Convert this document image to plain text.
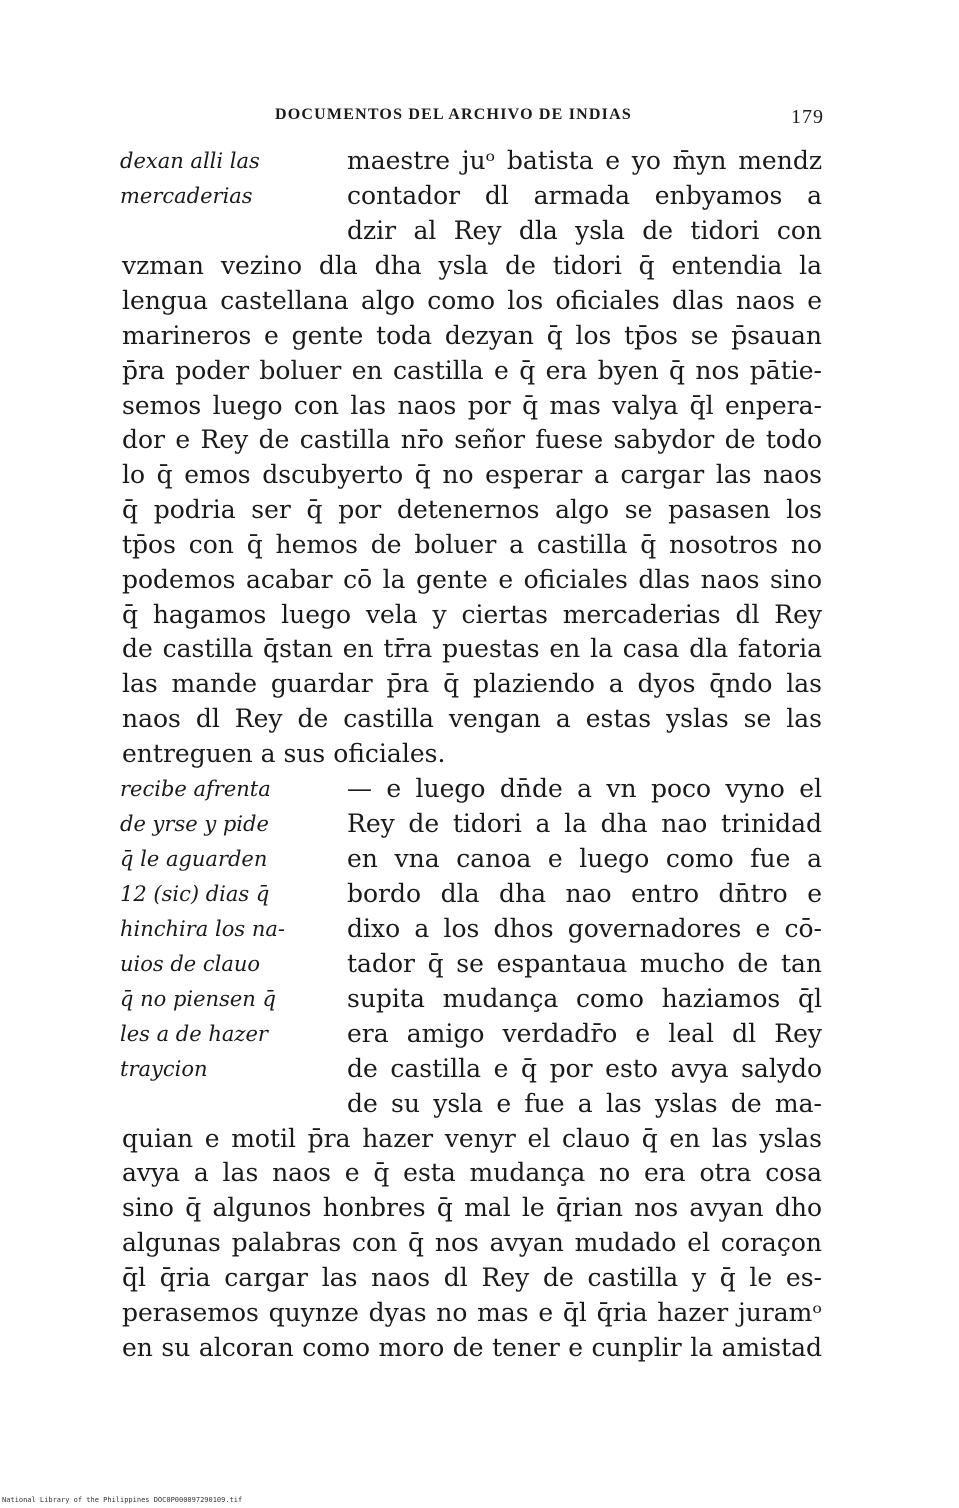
DOCUMENTOS DEL ARCHIVO DE INDIAS	179
dexan alli las
mercaderias
recibe afrenta
de yrse y pide
q̄ le aguarden
12 (sic) dias q̄
hinchira los na-
uios de clauo
q̄ no piensen q̄
les a de hazer
traycion
maestre juᵒ batista e yo m̄yn mendz
contador dl armada enbyamos a
dzir al Rey dla ysla de tidori con
vzman vezino dla dha ysla de tidori q̄ entendia la
lengua castellana algo como los oficiales dlas naos e
marineros e gente toda dezyan q̄ los tp̄os se p̄sauan
p̄ra poder boluer en castilla e q̄ era byen q̄ nos pātie-
semos luego con las naos por q̄ mas valya q̄l enpera-
dor e Rey de castilla nr̄o señor fuese sabydor de todo
lo q̄ emos dscubyerto q̄ no esperar a cargar las naos
q̄ podria ser q̄ por detenernos algo se pasasen los
tp̄os con q̄ hemos de boluer a castilla q̄ nosotros no
podemos acabar cō la gente e oficiales dlas naos sino
q̄ hagamos luego vela y ciertas mercaderias dl Rey
de castilla q̄stan en tr̄ra puestas en la casa dla fatoria
las mande guardar p̄ra q̄ plaziendo a dyos q̄ndo las
naos dl Rey de castilla vengan a estas yslas se las
entreguen a sus oficiales.
— e luego dn̄de a vn poco vyno el
Rey de tidori a la dha nao trinidad
en vna canoa e luego como fue a
bordo dla dha nao entro dn̄tro e
dixo a los dhos governadores e cō-
tador q̄ se espantaua mucho de tan
supita mudança como haziamos q̄l
era amigo verdadr̄o e leal dl Rey
de castilla e q̄ por esto avya salydo
de su ysla e fue a las yslas de ma-
quian e motil p̄ra hazer venyr el clauo q̄ en las yslas
avya a las naos e q̄ esta mudança no era otra cosa
sino q̄ algunos honbres q̄ mal le q̄rian nos avyan dho
algunas palabras con q̄ nos avyan mudado el coraçon
q̄l q̄ria cargar las naos dl Rey de castilla y q̄ le es-
perasemos quynze dyas no mas e q̄l q̄ria hazer juramᵒ
en su alcoran como moro de tener e cunplir la amistad
National Library of the Philippines DOC0P000097290109.tif
